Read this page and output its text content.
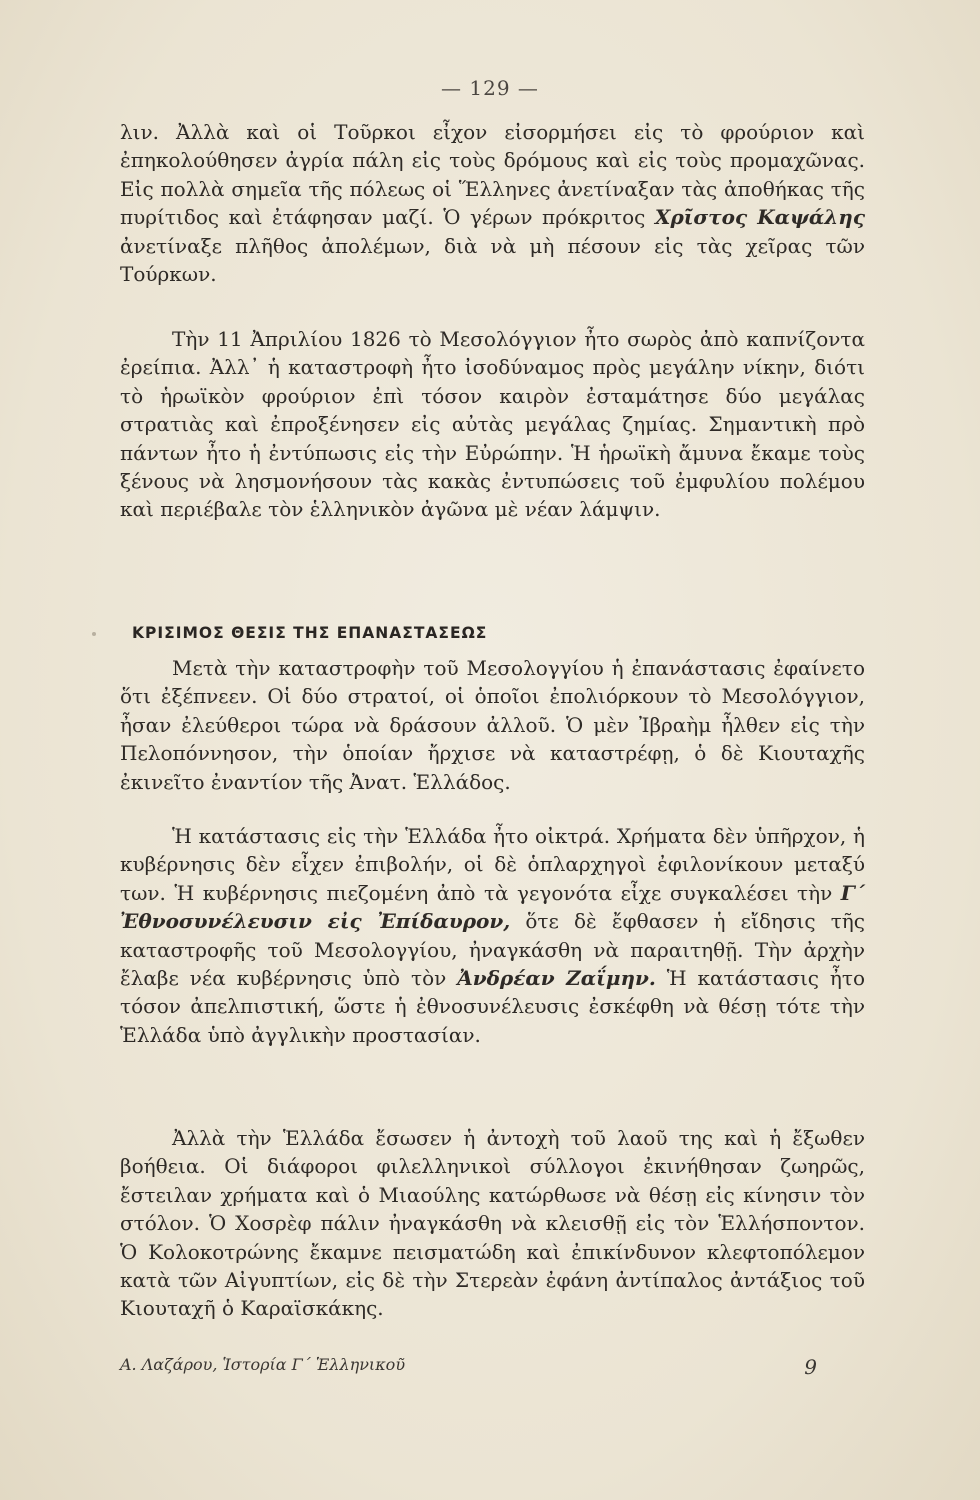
— 129 —

λιν. Ἀλλὰ καὶ οἱ Τοῦρκοι εἶχον εἰσορμήσει εἰς τὸ φρούριον καὶ ἐπηκολούθησεν ἀγρία πάλη εἰς τοὺς δρόμους καὶ εἰς τοὺς προμαχῶνας. Εἰς πολλὰ σημεῖα τῆς πόλεως οἱ Ἕλληνες ἀνετίναξαν τὰς ἀποθήκας τῆς πυρίτιδος καὶ ἐτάφησαν μαζί. Ὁ γέρων πρόκριτος Χρῖστος Καψάλης ἀνετίναξε πλῆθος ἀπολέμων, διὰ νὰ μὴ πέσουν εἰς τὰς χεῖρας τῶν Τούρκων.

Τὴν 11 Ἀπριλίου 1826 τὸ Μεσολόγγιον ἦτο σωρὸς ἀπὸ καπνίζοντα ἐρείπια. Ἀλλ᾽ ἡ καταστροφὴ ἦτο ἰσοδύναμος πρὸς μεγάλην νίκην, διότι τὸ ἡρωϊκὸν φρούριον ἐπὶ τόσον καιρὸν ἐσταμάτησε δύο μεγάλας στρατιὰς καὶ ἐπροξένησεν εἰς αὐτὰς μεγάλας ζημίας. Σημαντικὴ πρὸ πάντων ἦτο ἡ ἐντύπωσις εἰς τὴν Εὐρώπην. Ἡ ἡρωϊκὴ ἄμυνα ἔκαμε τοὺς ξένους νὰ λησμονήσουν τὰς κακὰς ἐντυπώσεις τοῦ ἐμφυλίου πολέμου καὶ περιέβαλε τὸν ἑλληνικὸν ἀγῶνα μὲ νέαν λάμψιν.

ΚΡΙΣΙΜΟΣ ΘΕΣΙΣ ΤΗΣ ΕΠΑΝΑΣΤΑΣΕΩΣ

Μετὰ τὴν καταστροφὴν τοῦ Μεσολογγίου ἡ ἐπανάστασις ἐφαίνετο ὅτι ἐξέπνεεν. Οἱ δύο στρατοί, οἱ ὁποῖοι ἐπολιόρκουν τὸ Μεσολόγγιον, ἦσαν ἐλεύθεροι τώρα νὰ δράσουν ἀλλοῦ. Ὁ μὲν Ἰβραὴμ ἦλθεν εἰς τὴν Πελοπόννησον, τὴν ὁποίαν ἤρχισε νὰ καταστρέφῃ, ὁ δὲ Κιουταχῆς ἐκινεῖτο ἐναντίον τῆς Ἀνατ. Ἑλλάδος.

Ἡ κατάστασις εἰς τὴν Ἑλλάδα ἦτο οἰκτρά. Χρήματα δὲν ὑπῆρχον, ἡ κυβέρνησις δὲν εἶχεν ἐπιβολήν, οἱ δὲ ὁπλαρχηγοὶ ἐφιλονίκουν μεταξύ των. Ἡ κυβέρνησις πιεζομένη ἀπὸ τὰ γεγονότα εἶχε συγκαλέσει τὴν Γ΄ Ἐθνοσυνέλευσιν εἰς Ἐπίδαυρον, ὅτε δὲ ἔφθασεν ἡ εἴδησις τῆς καταστροφῆς τοῦ Μεσολογγίου, ἠναγκάσθη νὰ παραιτηθῇ. Τὴν ἀρχὴν ἔλαβε νέα κυβέρνησις ὑπὸ τὸν Ἀνδρέαν Ζαΐμην. Ἡ κατάστασις ἦτο τόσον ἀπελπιστική, ὥστε ἡ ἐθνοσυνέλευσις ἐσκέφθη νὰ θέσῃ τότε τὴν Ἑλλάδα ὑπὸ ἀγγλικὴν προστασίαν.

Ἀλλὰ τὴν Ἑλλάδα ἔσωσεν ἡ ἀντοχὴ τοῦ λαοῦ της καὶ ἡ ἔξωθεν βοήθεια. Οἱ διάφοροι φιλελληνικοὶ σύλλογοι ἐκινήθησαν ζωηρῶς, ἔστειλαν χρήματα καὶ ὁ Μιαούλης κατώρθωσε νὰ θέσῃ εἰς κίνησιν τὸν στόλον. Ὁ Χοσρὲφ πάλιν ἠναγκάσθη νὰ κλεισθῇ εἰς τὸν Ἑλλήσποντον. Ὁ Κολοκοτρώνης ἔκαμνε πεισματώδη καὶ ἐπικίνδυνον κλεφτοπόλεμον κατὰ τῶν Αἰγυπτίων, εἰς δὲ τὴν Στερεὰν ἐφάνη ἀντίπαλος ἀντάξιος τοῦ Κιουταχῆ ὁ Καραϊσκάκης.

Α. Λαζάρου, Ἱστορία Γ΄ Ἑλληνικοῦ	9
